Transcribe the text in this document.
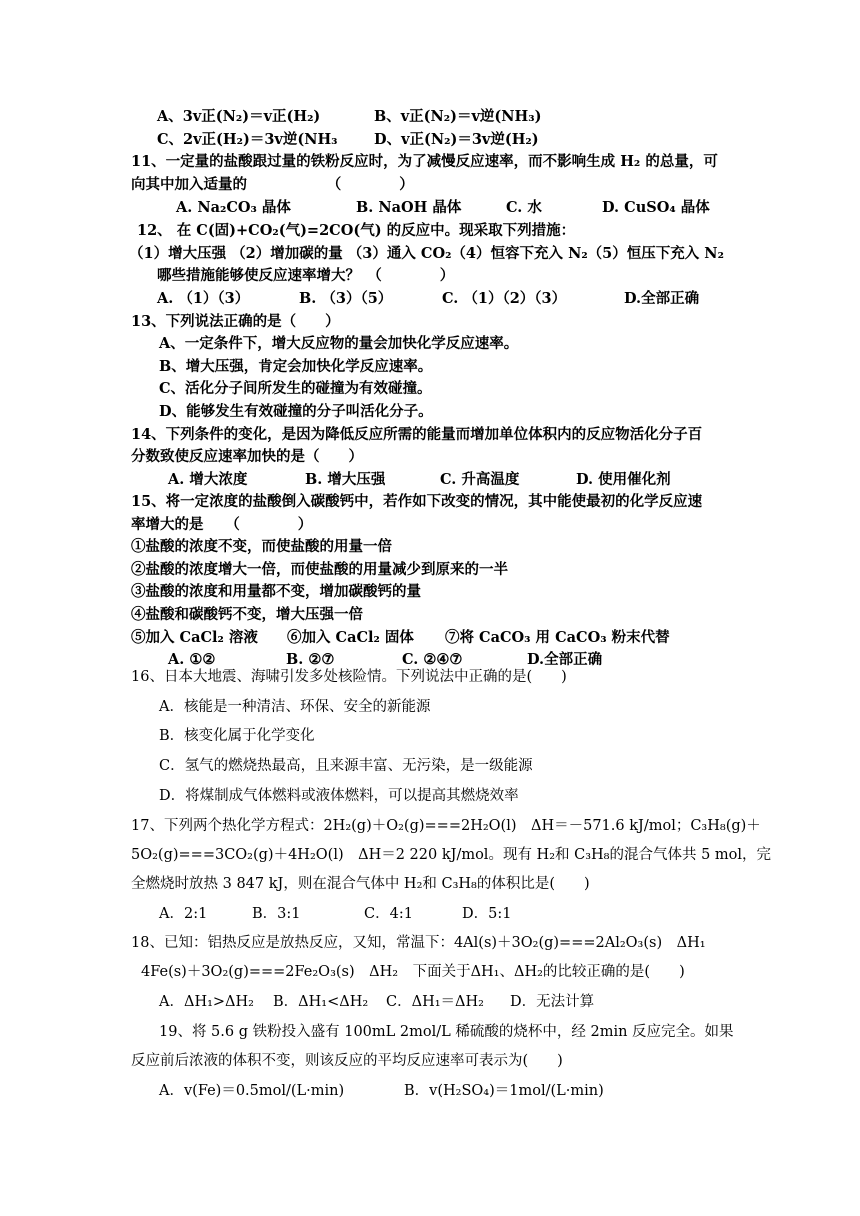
A、3v正(N₂)＝v正(H₂)	B、v正(N₂)＝v逆(NH₃)
C、2v正(H₂)＝3v逆(NH₃	D、v正(N₂)＝3v逆(H₂)
11、一定量的盐酸跟过量的铁粉反应时，为了减慢反应速率，而不影响生成 H₂ 的总量，可
向其中加入适量的　　　　　　（　　　　）
A. Na₂CO₃ 晶体	B. NaOH 晶体	C. 水	D. CuSO₄ 晶体
12、 在 C(固)+CO₂(气)=2CO(气) 的反应中。现采取下列措施：
（1）增大压强 （2）增加碳的量 （3）通入 CO₂（4）恒容下充入 N₂（5）恒压下充入 N₂
哪些措施能够使反应速率增大？　（　　　　）
A. （1）（3）	B. （3）（5）	C. （1）（2）（3）	D.全部正确
13、下列说法正确的是（　　）
A、一定条件下，增大反应物的量会加快化学反应速率。
B、增大压强，肯定会加快化学反应速率。
C、活化分子间所发生的碰撞为有效碰撞。
D、能够发生有效碰撞的分子叫活化分子。
14、下列条件的变化，是因为降低反应所需的能量而增加单位体积内的反应物活化分子百
分数致使反应速率加快的是（　　）
A. 增大浓度	B. 增大压强	C. 升高温度	D. 使用催化剂
15、将一定浓度的盐酸倒入碳酸钙中，若作如下改变的情况，其中能使最初的化学反应速
率增大的是　　（　　　　）
①盐酸的浓度不变，而使盐酸的用量一倍
②盐酸的浓度增大一倍，而使盐酸的用量减少到原来的一半
③盐酸的浓度和用量都不变，增加碳酸钙的量
④盐酸和碳酸钙不变，增大压强一倍
⑤加入 CaCl₂ 溶液 ⑥加入 CaCl₂ 固体 ⑦将 CaCO₃ 用 CaCO₃ 粉末代替
A. ①②	B. ②⑦	C. ②④⑦	D.全部正确
16、日本大地震、海啸引发多处核险情。下列说法中正确的是(　　)
A．核能是一种清洁、环保、安全的新能源
B．核变化属于化学变化
C．氢气的燃烧热最高，且来源丰富、无污染，是一级能源
D．将煤制成气体燃料或液体燃料，可以提高其燃烧效率
17、下列两个热化学方程式：2H₂(g)＋O₂(g)===2H₂O(l)　ΔH＝－571.6 kJ/mol；C₃H₈(g)＋
5O₂(g)===3CO₂(g)＋4H₂O(l)　ΔH＝2 220 kJ/mol。现有 H₂和 C₃H₈的混合气体共 5 mol，完
全燃烧时放热 3 847 kJ，则在混合气体中 H₂和 C₃H₈的体积比是(　　)
A．2:1	B．3:1	C．4:1	D．5:1
18、已知：铝热反应是放热反应，又知，常温下：4Al(s)＋3O₂(g)===2Al₂O₃(s)　ΔH₁
4Fe(s)＋3O₂(g)===2Fe₂O₃(s)　ΔH₂　下面关于ΔH₁、ΔH₂的比较正确的是(　　)
A．ΔH₁>ΔH₂ B．ΔH₁<ΔH₂ C．ΔH₁＝ΔH₂ D．无法计算
19、将 5.6 g 铁粉投入盛有 100mL 2mol/L 稀硫酸的烧杯中，经 2min 反应完全。如果
反应前后浓液的体积不变，则该反应的平均反应速率可表示为(　　)
A．v(Fe)＝0.5mol/(L·min)	B．v(H₂SO₄)＝1mol/(L·min)
